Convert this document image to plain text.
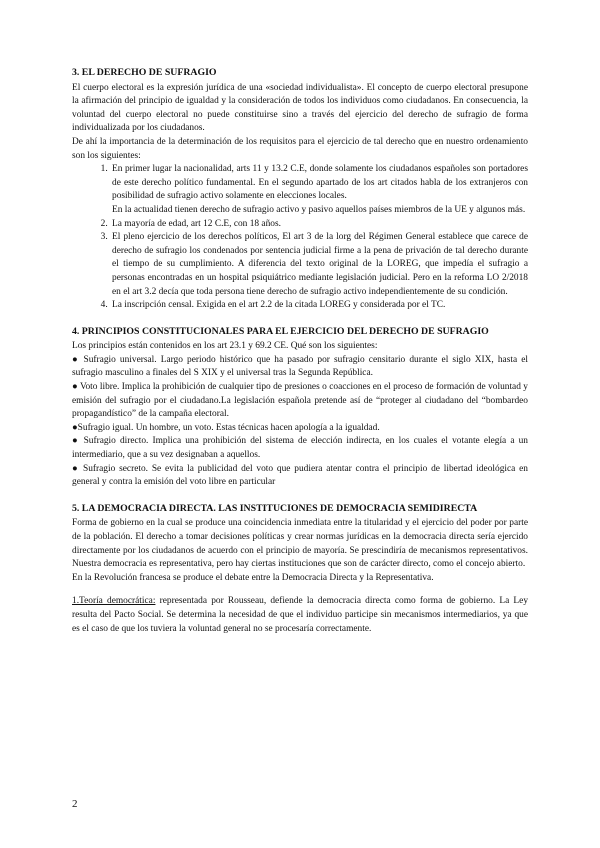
3. EL DERECHO DE SUFRAGIO

El cuerpo electoral es la expresión jurídica de una «sociedad individualista». El concepto de cuerpo electoral presupone la afirmación del principio de igualdad y la consideración de todos los individuos como ciudadanos. En consecuencia, la voluntad del cuerpo electoral no puede constituirse sino a través del ejercicio del derecho de sufragio de forma individualizada por los ciudadanos.

De ahí la importancia de la determinación de los requisitos para el ejercicio de tal derecho que en nuestro ordenamiento son los siguientes:

1. En primer lugar la nacionalidad, arts 11 y 13.2 C.E, donde solamente los ciudadanos españoles son portadores de este derecho político fundamental. En el segundo apartado de los art citados habla de los extranjeros con posibilidad de sufragio activo solamente en elecciones locales.
En la actualidad tienen derecho de sufragio activo y pasivo aquellos países miembros de la UE y algunos más.
2. La mayoría de edad, art 12 C.E, con 18 años.
3. El pleno ejercicio de los derechos políticos, El art 3 de la lorg del Régimen General establece que carece de derecho de sufragio los condenados por sentencia judicial firme a la pena de privación de tal derecho durante el tiempo de su cumplimiento. A diferencia del texto original de la LOREG, que impedía el sufragio a personas encontradas en un hospital psiquiátrico mediante legislación judicial. Pero en la reforma LO 2/2018 en el art 3.2 decía que toda persona tiene derecho de sufragio activo independientemente de su condición.
4. La inscripción censal. Exigida en el art 2.2 de la citada LOREG y considerada por el TC.
4. PRINCIPIOS CONSTITUCIONALES PARA EL EJERCICIO DEL DERECHO DE SUFRAGIO

Los principios están contenidos en los art 23.1 y 69.2 CE. Qué son los siguientes:

● Sufragio universal. Largo periodo histórico que ha pasado por sufragio censitario durante el siglo XIX, hasta el sufragio masculino a finales del S XIX y el universal tras la Segunda República.

● Voto libre. Implica la prohibición de cualquier tipo de presiones o coacciones en el proceso de formación de voluntad y emisión del sufragio por el ciudadano.La legislación española pretende así de “proteger al ciudadano del “bombardeo propagandístico” de la campaña electoral.

●Sufragio igual. Un hombre, un voto. Estas técnicas hacen apología a la igualdad.

● Sufragio directo. Implica una prohibición del sistema de elección indirecta, en los cuales el votante elegía a un intermediario, que a su vez designaban a aquellos.

● Sufragio secreto. Se evita la publicidad del voto que pudiera atentar contra el principio de libertad ideológica en general y contra la emisión del voto libre en particular

5. LA DEMOCRACIA DIRECTA. LAS INSTITUCIONES DE DEMOCRACIA SEMIDIRECTA

Forma de gobierno en la cual se produce una coincidencia inmediata entre la titularidad y el ejercicio del poder por parte de la población. El derecho a tomar decisiones políticas y crear normas jurídicas en la democracia directa sería ejercido directamente por los ciudadanos de acuerdo con el principio de mayoría. Se prescindiría de mecanismos representativos. Nuestra democracia es representativa, pero hay ciertas instituciones que son de carácter directo, como el concejo abierto.

En la Revolución francesa se produce el debate entre la Democracia Directa y la Representativa.

1.Teoría democrática: representada por Rousseau, defiende la democracia directa como forma de gobierno. La Ley resulta del Pacto Social. Se determina la necesidad de que el individuo participe sin mecanismos intermediarios, ya que es el caso de que los tuviera la voluntad general no se procesaría correctamente.

2
